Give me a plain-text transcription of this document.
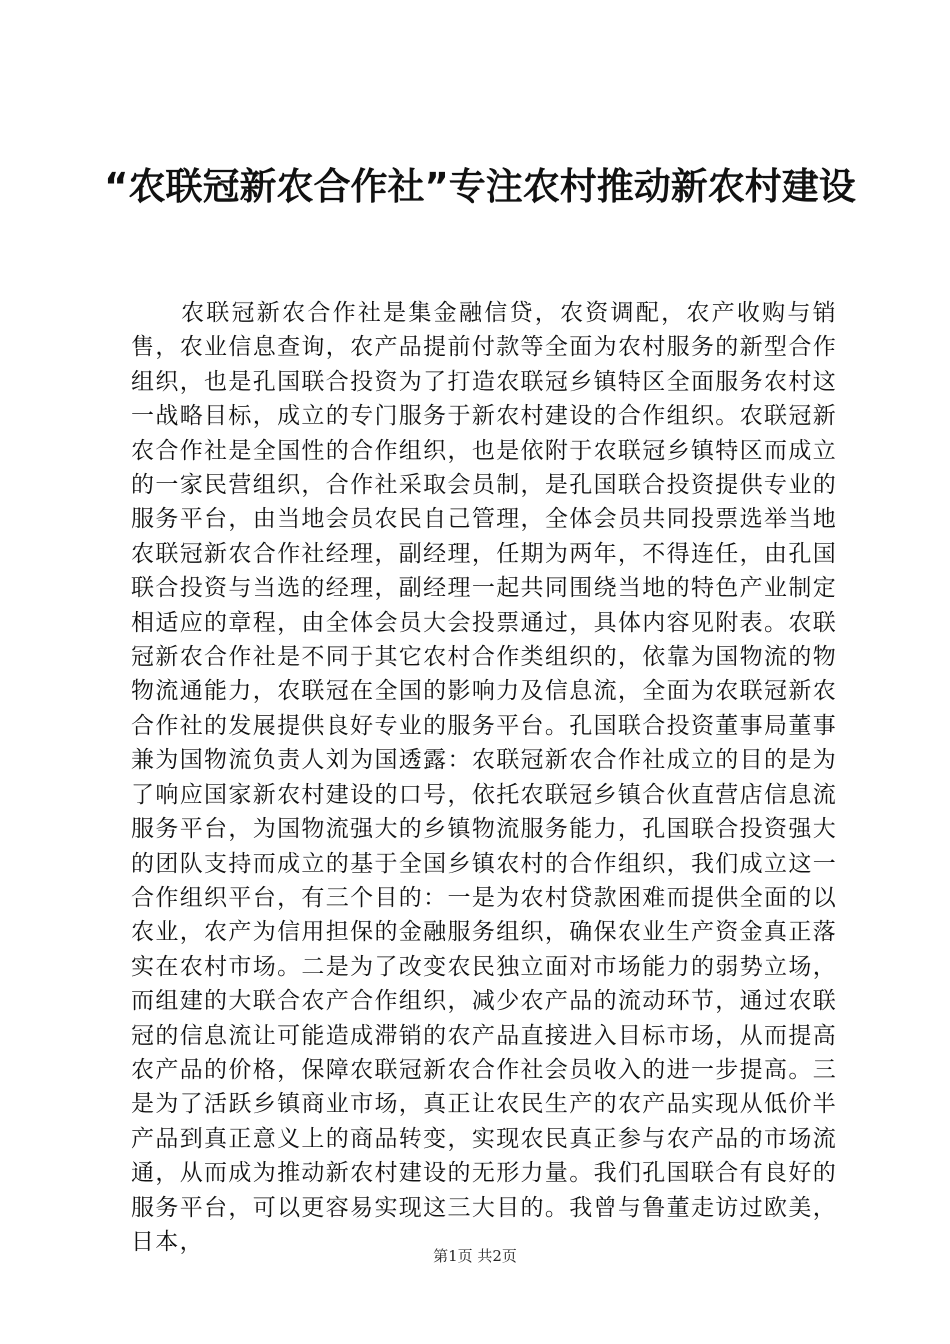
“农联冠新农合作社”专注农村推动新农村建设

农联冠新农合作社是集金融信贷，农资调配，农产收购与销售，农业信息查询，农产品提前付款等全面为农村服务的新型合作组织，也是孔国联合投资为了打造农联冠乡镇特区全面服务农村这一战略目标，成立的专门服务于新农村建设的合作组织。农联冠新农合作社是全国性的合作组织，也是依附于农联冠乡镇特区而成立的一家民营组织，合作社采取会员制，是孔国联合投资提供专业的服务平台，由当地会员农民自己管理，全体会员共同投票选举当地农联冠新农合作社经理，副经理，任期为两年，不得连任，由孔国联合投资与当选的经理，副经理一起共同围绕当地的特色产业制定相适应的章程，由全体会员大会投票通过，具体内容见附表。农联冠新农合作社是不同于其它农村合作类组织的，依靠为国物流的物物流通能力，农联冠在全国的影响力及信息流，全面为农联冠新农合作社的发展提供良好专业的服务平台。孔国联合投资董事局董事兼为国物流负责人刘为国透露：农联冠新农合作社成立的目的是为了响应国家新农村建设的口号，依托农联冠乡镇合伙直营店信息流服务平台，为国物流强大的乡镇物流服务能力，孔国联合投资强大的团队支持而成立的基于全国乡镇农村的合作组织，我们成立这一合作组织平台，有三个目的：一是为农村贷款困难而提供全面的以农业，农产为信用担保的金融服务组织，确保农业生产资金真正落实在农村市场。二是为了改变农民独立面对市场能力的弱势立场，而组建的大联合农产合作组织，减少农产品的流动环节，通过农联冠的信息流让可能造成滞销的农产品直接进入目标市场，从而提高农产品的价格，保障农联冠新农合作社会员收入的进一步提高。三是为了活跃乡镇商业市场，真正让农民生产的农产品实现从低价半产品到真正意义上的商品转变，实现农民真正参与农产品的市场流通，从而成为推动新农村建设的无形力量。我们孔国联合有良好的服务平台，可以更容易实现这三大目的。我曾与鲁董走访过欧美，日本，

第1页 共2页
